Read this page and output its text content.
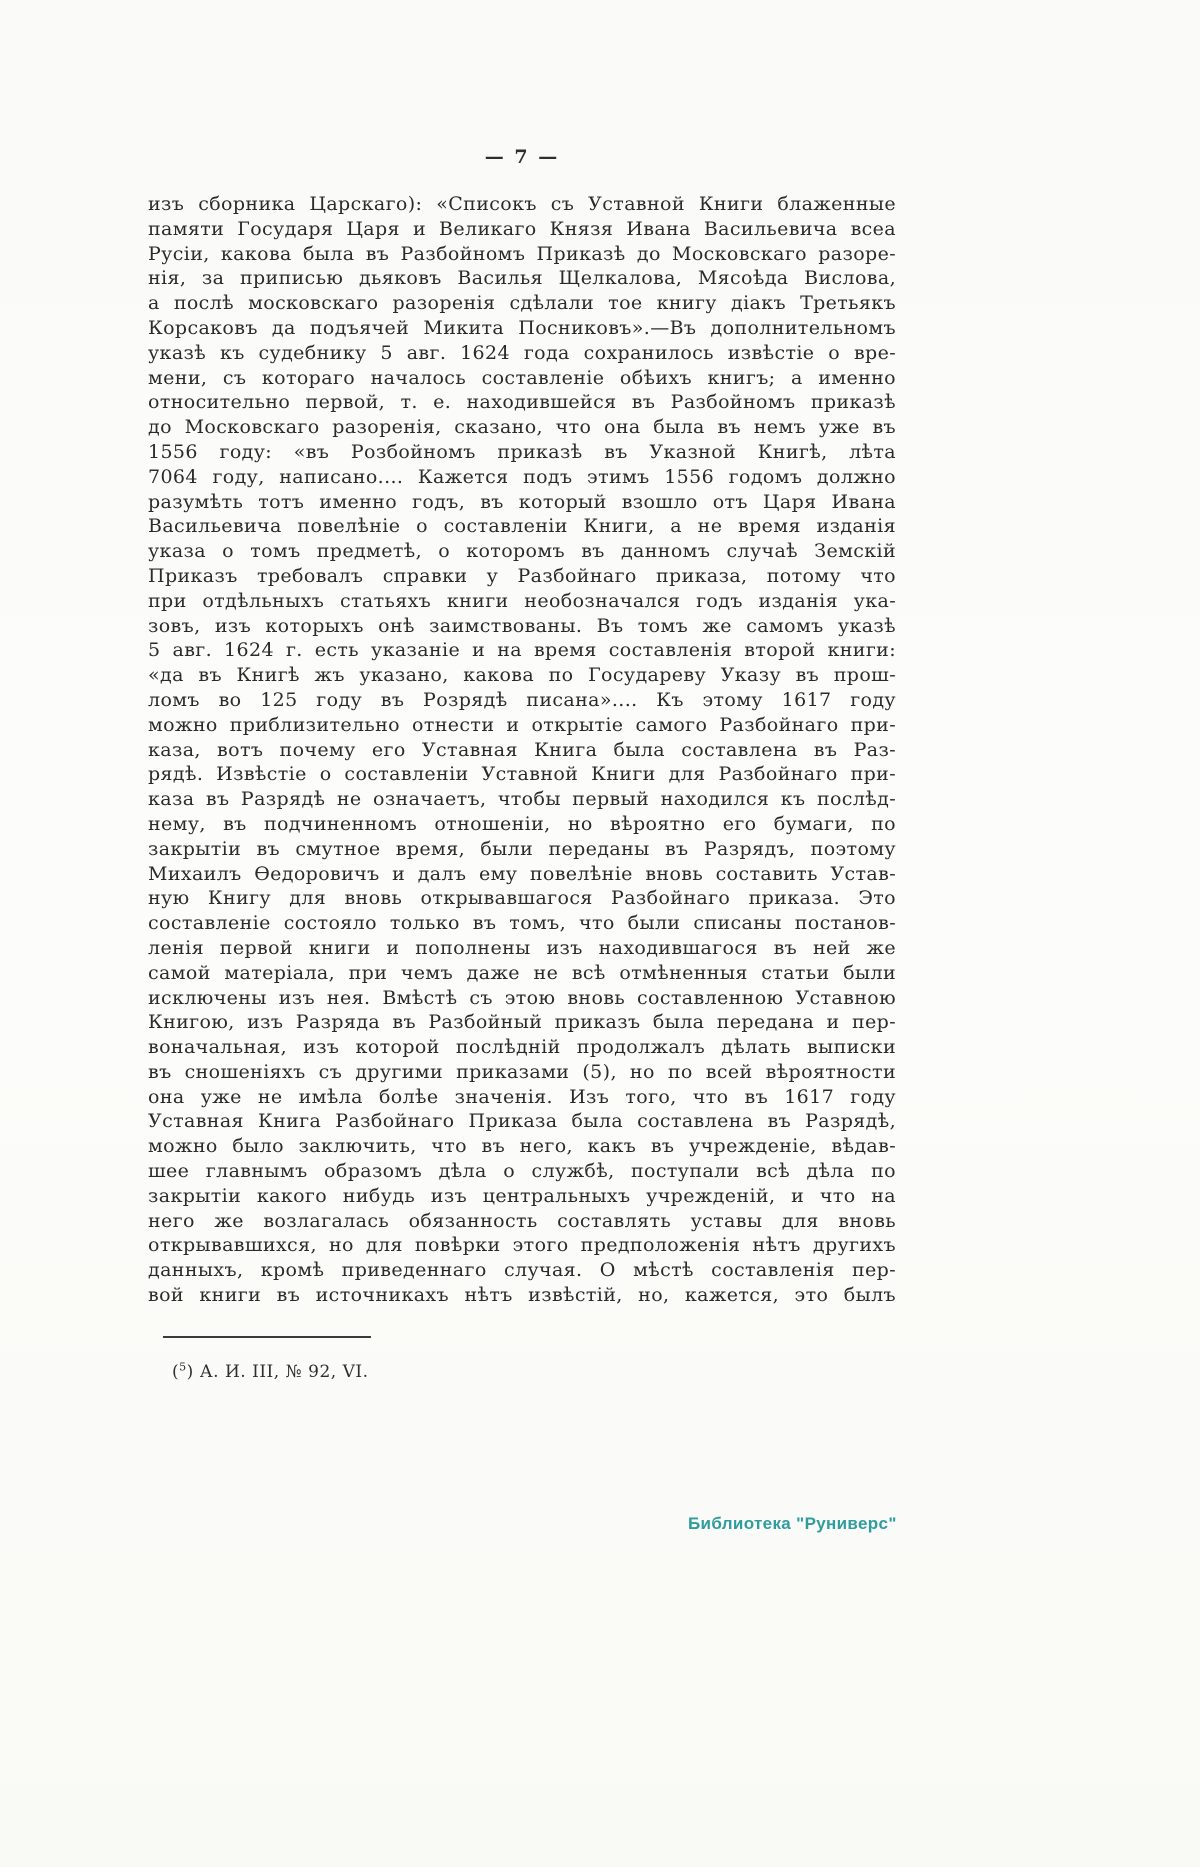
— 7 —
изъ сборника Царскаго): «Списокъ съ Уставной Книги блаженные
памяти Государя Царя и Великаго Князя Ивана Васильевича всеа
Русіи, какова была въ Разбойномъ Приказѣ до Московскаго разоре-
нія, за приписью дьяковъ Василья Щелкалова, Мясоѣда Вислова,
а послѣ московскаго разоренія сдѣлали тое книгу діакъ Третьякъ
Корсаковъ да подъячей Микита Посниковъ».—Въ дополнительномъ
указѣ къ судебнику 5 авг. 1624 года сохранилось извѣстіе о вре-
мени, съ котораго началось составленіе обѣихъ книгъ; а именно
относительно первой, т. е. находившейся въ Разбойномъ приказѣ
до Московскаго разоренія, сказано, что она была въ немъ уже въ
1556 году: «въ Розбойномъ приказѣ въ Указной Книгѣ, лѣта
7064 году, написано.... Кажется подъ этимъ 1556 годомъ должно
разумѣть тотъ именно годъ, въ который взошло отъ Царя Ивана
Васильевича повелѣніе о составленіи Книги, а не время изданія
указа о томъ предметѣ, о которомъ въ данномъ случаѣ Земскій
Приказъ требовалъ справки у Разбойнаго приказа, потому что
при отдѣльныхъ статьяхъ книги необозначался годъ изданія ука-
зовъ, изъ которыхъ онѣ заимствованы. Въ томъ же самомъ указѣ
5 авг. 1624 г. есть указаніе и на время составленія второй книги:
«да въ Книгѣ жъ указано, какова по Государеву Указу въ прош-
ломъ во 125 году въ Розрядѣ писана».... Къ этому 1617 году
можно приблизительно отнести и открытіе самого Разбойнаго при-
каза, вотъ почему его Уставная Книга была составлена въ Раз-
рядѣ. Извѣстіе о составленіи Уставной Книги для Разбойнаго при-
каза въ Разрядѣ не означаетъ, чтобы первый находился къ послѣд-
нему, въ подчиненномъ отношеніи, но вѣроятно его бумаги, по
закрытіи въ смутное время, были переданы въ Разрядъ, поэтому
Михаилъ Ѳедоровичъ и далъ ему повелѣніе вновь составить Устав-
ную Книгу для вновь открывавшагося Разбойнаго приказа. Это
составленіе состояло только въ томъ, что были списаны постанов-
ленія первой книги и пополнены изъ находившагося въ ней же
самой матеріала, при чемъ даже не всѣ отмѣненныя статьи были
исключены изъ нея. Вмѣстѣ съ этою вновь составленною Уставною
Книгою, изъ Разряда въ Разбойный приказъ была передана и пер-
воначальная, изъ которой послѣдній продолжалъ дѣлать выписки
въ сношеніяхъ съ другими приказами (5), но по всей вѣроятности
она уже не имѣла болѣе значенія. Изъ того, что въ 1617 году
Уставная Книга Разбойнаго Приказа была составлена въ Разрядѣ,
можно было заключить, что въ него, какъ въ учрежденіе, вѣдав-
шее главнымъ образомъ дѣла о службѣ, поступали всѣ дѣла по
закрытіи какого нибудь изъ центральныхъ учрежденій, и что на
него же возлагалась обязанность составлять уставы для вновь
открывавшихся, но для повѣрки этого предположенія нѣтъ другихъ
данныхъ, кромѣ приведеннаго случая. О мѣстѣ составленія пер-
вой книги въ источникахъ нѣтъ извѣстій, но, кажется, это былъ
($^5$) А. И. III, № 92, VI.
Библиотека "Руниверс"
